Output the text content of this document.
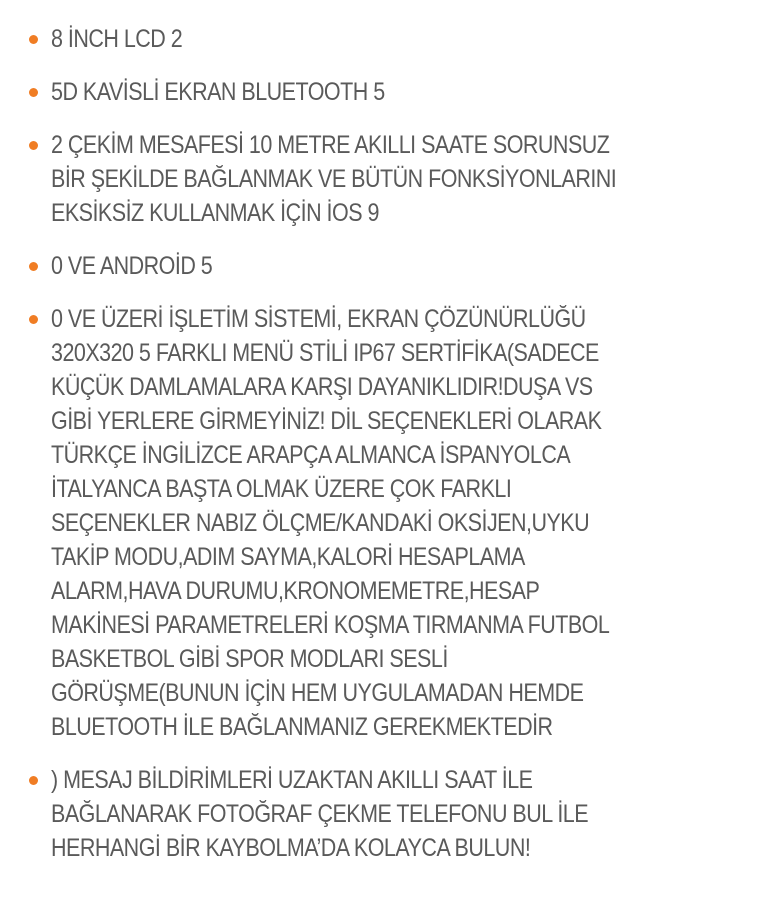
8 İNCH LCD 2
5D KAVİSLİ EKRAN BLUETOOTH 5
2 ÇEKİM MESAFESİ 10 METRE AKILLI SAATE SORUNSUZ
BİR ŞEKİLDE BAĞLANMAK VE BÜTÜN FONKSİYONLARINI
EKSİKSİZ KULLANMAK İÇİN İOS 9
0 VE ANDROİD 5
0 VE ÜZERİ İŞLETİM SİSTEMİ, EKRAN ÇÖZÜNÜRLÜĞÜ
320X320 5 FARKLI MENÜ STİLİ IP67 SERTİFİKA(SADECE
KÜÇÜK DAMLAMALARA KARŞI DAYANIKLIDIR!DUŞA VS
GİBİ YERLERE GİRMEYİNİZ! DİL SEÇENEKLERİ OLARAK
TÜRKÇE İNGİLİZCE ARAPÇA ALMANCA İSPANYOLCA
İTALYANCA BAŞTA OLMAK ÜZERE ÇOK FARKLI
SEÇENEKLER NABIZ ÖLÇME/KANDAKİ OKSİJEN,UYKU
TAKİP MODU,ADIM SAYMA,KALORİ HESAPLAMA
ALARM,HAVA DURUMU,KRONOMEMETRE,HESAP
MAKİNESİ PARAMETRELERİ KOŞMA TIRMANMA FUTBOL
BASKETBOL GİBİ SPOR MODLARI SESLİ
GÖRÜŞME(BUNUN İÇİN HEM UYGULAMADAN HEMDE
BLUETOOTH İLE BAĞLANMANIZ GEREKMEKTEDİR
) MESAJ BİLDİRİMLERİ UZAKTAN AKILLI SAAT İLE
BAĞLANARAK FOTOĞRAF ÇEKME TELEFONU BUL İLE
HERHANGİ BİR KAYBOLMA’DA KOLAYCA BULUN!
